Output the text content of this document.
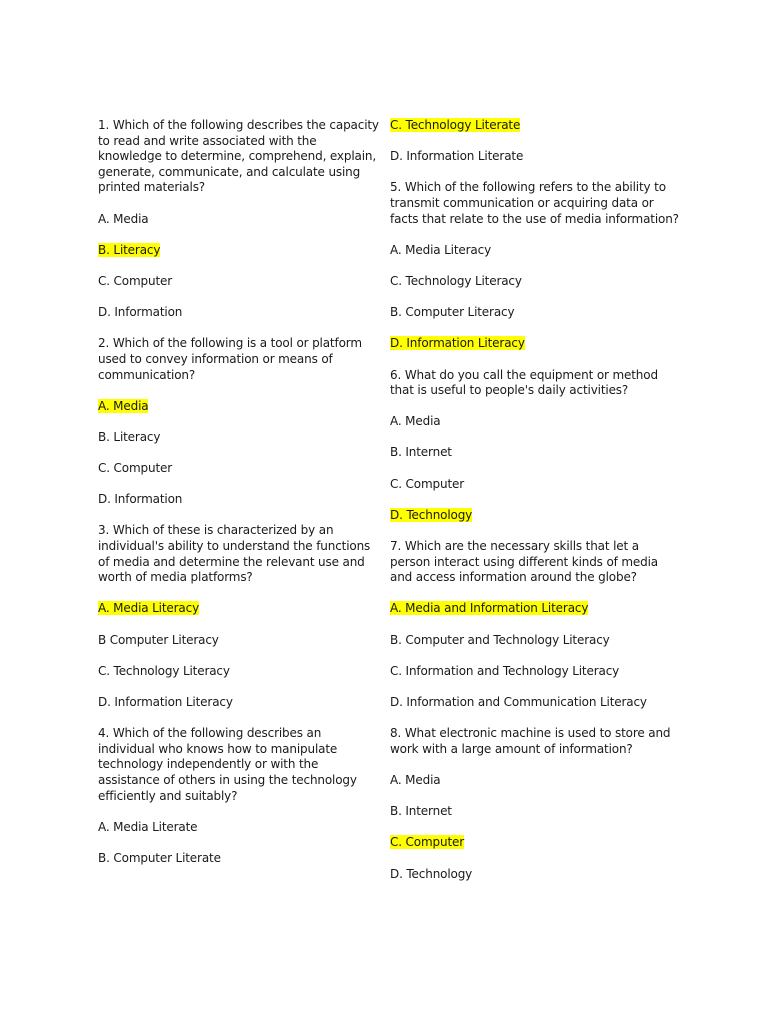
1. Which of the following describes the capacity to read and write associated with the knowledge to determine, comprehend, explain, generate, communicate, and calculate using printed materials?
A. Media
B. Literacy
C. Computer
D. Information
2. Which of the following is a tool or platform used to convey information or means of communication?
A. Media
B. Literacy
C. Computer
D. Information
3. Which of these is characterized by an individual's ability to understand the functions of media and determine the relevant use and worth of media platforms?
A. Media Literacy
B Computer Literacy
C. Technology Literacy
D. Information Literacy
4. Which of the following describes an individual who knows how to manipulate technology independently or with the assistance of others in using the technology efficiently and suitably?
A. Media Literate
B. Computer Literate
C. Technology Literate
D. Information Literate
5. Which of the following refers to the ability to transmit communication or acquiring data or facts that relate to the use of media information?
A. Media Literacy
C. Technology Literacy
B. Computer Literacy
D. Information Literacy
6. What do you call the equipment or method that is useful to people's daily activities?
A. Media
B. Internet
C. Computer
D. Technology
7. Which are the necessary skills that let a person interact using different kinds of media and access information around the globe?
A. Media and Information Literacy
B. Computer and Technology Literacy
C. Information and Technology Literacy
D. Information and Communication Literacy
8. What electronic machine is used to store and work with a large amount of information?
A. Media
B. Internet
C. Computer
D. Technology
